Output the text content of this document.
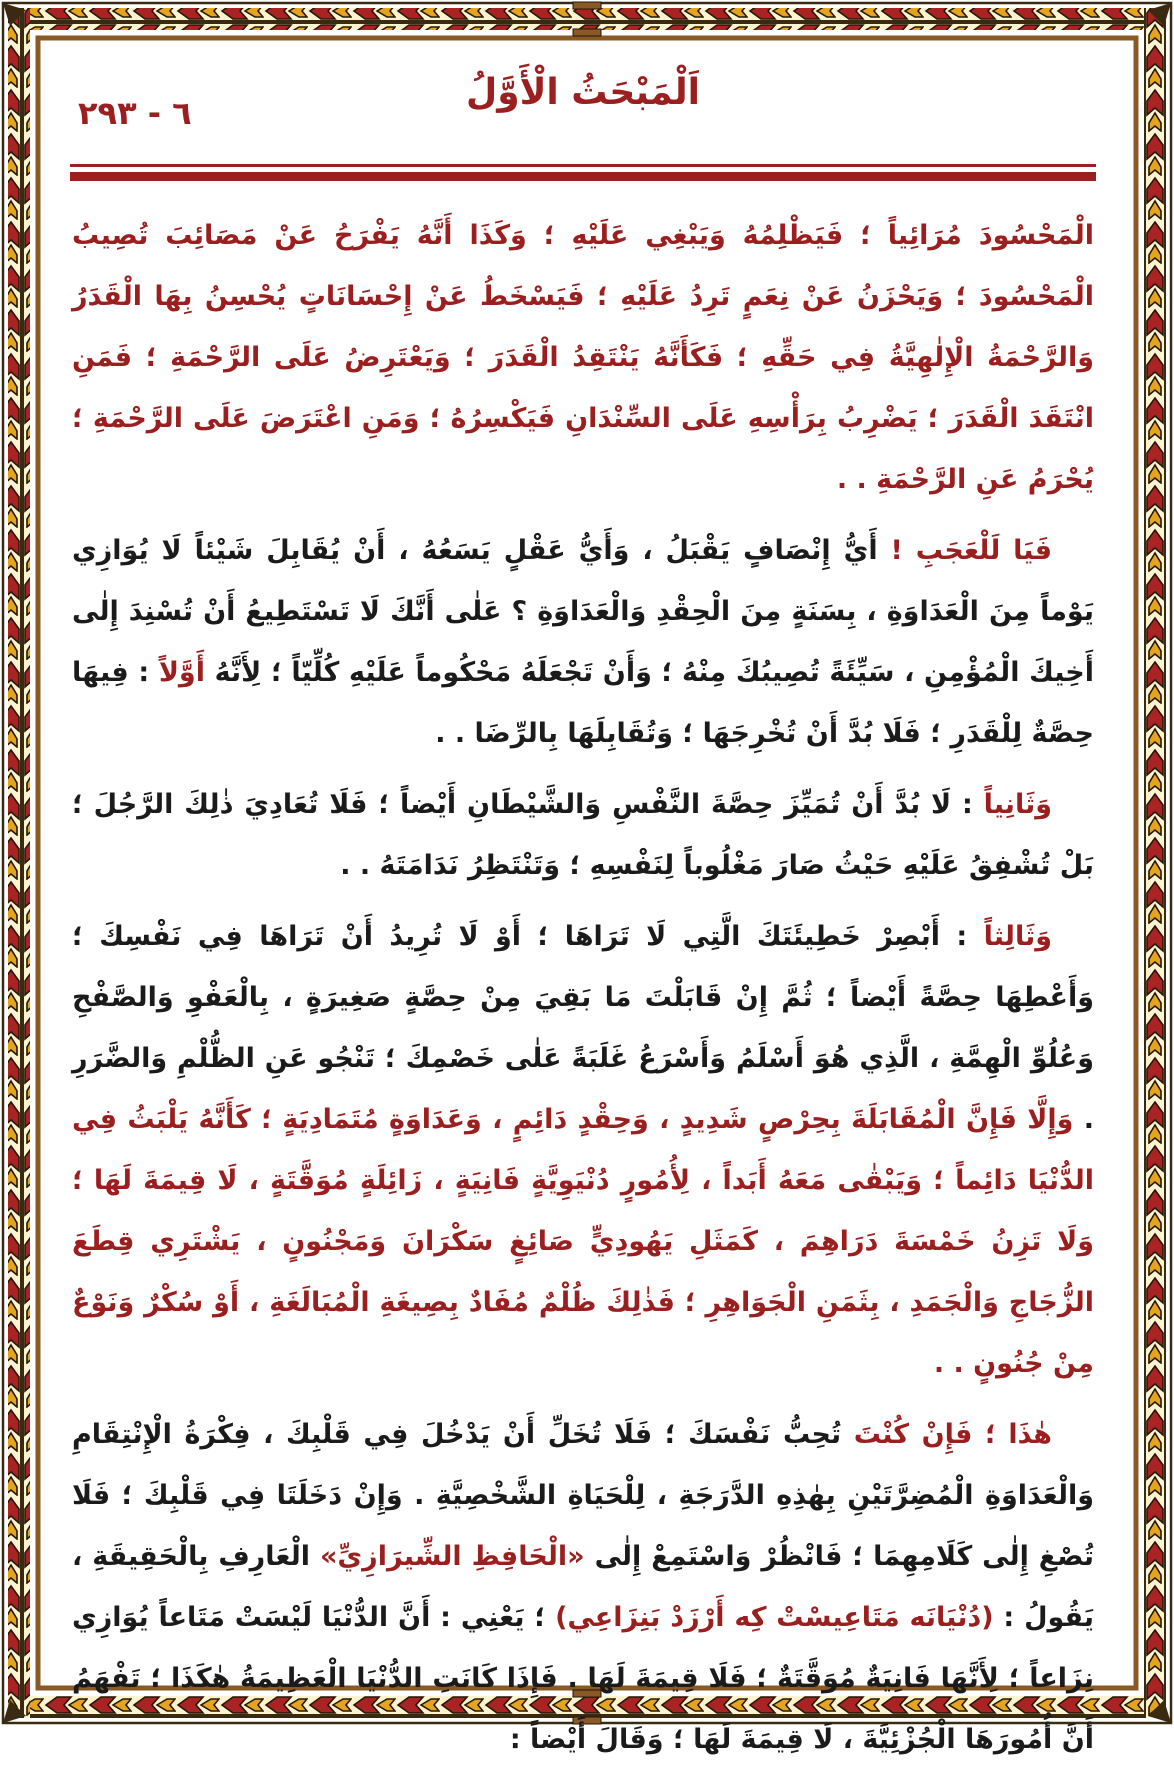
اَلْمَبْحَثُ الْأَوَّلُ
٦ - ٢٩٣

الْمَحْسُودَ مُرَائِياً ؛ فَيَظْلِمُهُ وَيَبْغِي عَلَيْهِ ؛ وَكَذَا أَنَّهُ يَفْرَحُ عَنْ مَصَائِبَ تُصِيبُ الْمَحْسُودَ ؛ وَيَحْزَنُ عَنْ نِعَمٍ تَرِدُ عَلَيْهِ ؛ فَيَسْخَطُ عَنْ إِحْسَانَاتٍ يُحْسِنُ بِهَا الْقَدَرُ وَالرَّحْمَةُ الْإِلٰهِيَّةُ فِي حَقِّهِ ؛ فَكَأَنَّهُ يَنْتَقِدُ الْقَدَرَ ؛ وَيَعْتَرِضُ عَلَى الرَّحْمَةِ ؛ فَمَنِ انْتَقَدَ الْقَدَرَ ؛ يَضْرِبُ بِرَأْسِهِ عَلَى السِّنْدَانِ فَيَكْسِرُهُ ؛ وَمَنِ اعْتَرَضَ عَلَى الرَّحْمَةِ ؛ يُحْرَمُ عَنِ الرَّحْمَةِ . .

فَيَا لَلْعَجَبِ ! أَيُّ إِنْصَافٍ يَقْبَلُ ، وَأَيُّ عَقْلٍ يَسَعُهُ ، أَنْ يُقَابِلَ شَيْئاً لَا يُوَازِي يَوْماً مِنَ الْعَدَاوَةِ ، بِسَنَةٍ مِنَ الْحِقْدِ وَالْعَدَاوَةِ ؟ عَلٰى أَنَّكَ لَا تَسْتَطِيعُ أَنْ تُسْنِدَ إِلٰى أَخِيكَ الْمُؤْمِنِ ، سَيِّئَةً تُصِيبُكَ مِنْهُ ؛ وَأَنْ تَجْعَلَهُ مَحْكُوماً عَلَيْهِ كُلِّيّاً ؛ لِأَنَّهُ أَوَّلاً : فِيهَا حِصَّةٌ لِلْقَدَرِ ؛ فَلَا بُدَّ أَنْ تُخْرِجَهَا ؛ وَتُقَابِلَهَا بِالرِّضَا . .

وَثَانِياً : لَا بُدَّ أَنْ تُمَيِّزَ حِصَّةَ النَّفْسِ وَالشَّيْطَانِ أَيْضاً ؛ فَلَا تُعَادِيَ ذٰلِكَ الرَّجُلَ ؛ بَلْ تُشْفِقُ عَلَيْهِ حَيْثُ صَارَ مَغْلُوباً لِنَفْسِهِ ؛ وَتَنْتَظِرُ نَدَامَتَهُ . .

وَثَالِثاً : أَبْصِرْ خَطِيئَتَكَ الَّتِي لَا تَرَاهَا ؛ أَوْ لَا تُرِيدُ أَنْ تَرَاهَا فِي نَفْسِكَ ؛ وَأَعْطِهَا حِصَّةً أَيْضاً ؛ ثُمَّ إِنْ قَابَلْتَ مَا بَقِيَ مِنْ حِصَّةٍ صَغِيرَةٍ ، بِالْعَفْوِ وَالصَّفْحِ وَعُلُوِّ الْهِمَّةِ ، الَّذِي هُوَ أَسْلَمُ وَأَسْرَعُ غَلَبَةً عَلٰى خَصْمِكَ ؛ تَنْجُو عَنِ الظُّلْمِ وَالضَّرَرِ . وَإِلَّا فَإِنَّ الْمُقَابَلَةَ بِحِرْصٍ شَدِيدٍ ، وَحِقْدٍ دَائِمٍ ، وَعَدَاوَةٍ مُتَمَادِيَةٍ ؛ كَأَنَّهُ يَلْبَثُ فِي الدُّنْيَا دَائِماً ؛ وَيَبْقٰى مَعَهُ أَبَداً ، لِأُمُورٍ دُنْيَوِيَّةٍ فَانِيَةٍ ، زَائِلَةٍ مُوَقَّتَةٍ ، لَا قِيمَةَ لَهَا ؛ وَلَا تَزِنُ خَمْسَةَ دَرَاهِمَ ، كَمَثَلِ يَهُودِيٍّ صَائِغٍ سَكْرَانَ وَمَجْنُونٍ ، يَشْتَرِي قِطَعَ الزُّجَاجِ وَالْجَمَدِ ، بِثَمَنِ الْجَوَاهِرِ ؛ فَذٰلِكَ ظُلْمٌ مُفَادٌ بِصِيغَةِ الْمُبَالَغَةِ ، أَوْ سُكْرٌ وَنَوْعٌ مِنْ جُنُونٍ . .

هٰذَا ؛ فَإِنْ كُنْتَ تُحِبُّ نَفْسَكَ ؛ فَلَا تُخَلِّ أَنْ يَدْخُلَ فِي قَلْبِكَ ، فِكْرَةُ الْإِنْتِقَامِ وَالْعَدَاوَةِ الْمُضِرَّتَيْنِ بِهٰذِهِ الدَّرَجَةِ ، لِلْحَيَاةِ الشَّخْصِيَّةِ . وَإِنْ دَخَلَتَا فِي قَلْبِكَ ؛ فَلَا تُصْغِ إِلٰى كَلَامِهِمَا ؛ فَانْظُرْ وَاسْتَمِعْ إِلٰى «الْحَافِظِ الشِّيرَازِيِّ» الْعَارِفِ بِالْحَقِيقَةِ ، يَقُولُ : (دُنْيَانَه مَتَاعِيسْتْ كِه أَرْزَدْ بَنِزَاعِي) ؛ يَعْنِي : أَنَّ الدُّنْيَا لَيْسَتْ مَتَاعاً يُوَازِي نِزَاعاً ؛ لِأَنَّهَا فَانِيَةٌ مُوَقَّتَةٌ ؛ فَلَا قِيمَةَ لَهَا . فَإِذَا كَانَتِ الدُّنْيَا الْعَظِيمَةُ هٰكَذَا ؛ تَفْهَمُ أَنَّ أُمُورَهَا الْجُزْئِيَّةَ ، لَا قِيمَةَ لَهَا ؛ وَقَالَ أَيْضاً :
